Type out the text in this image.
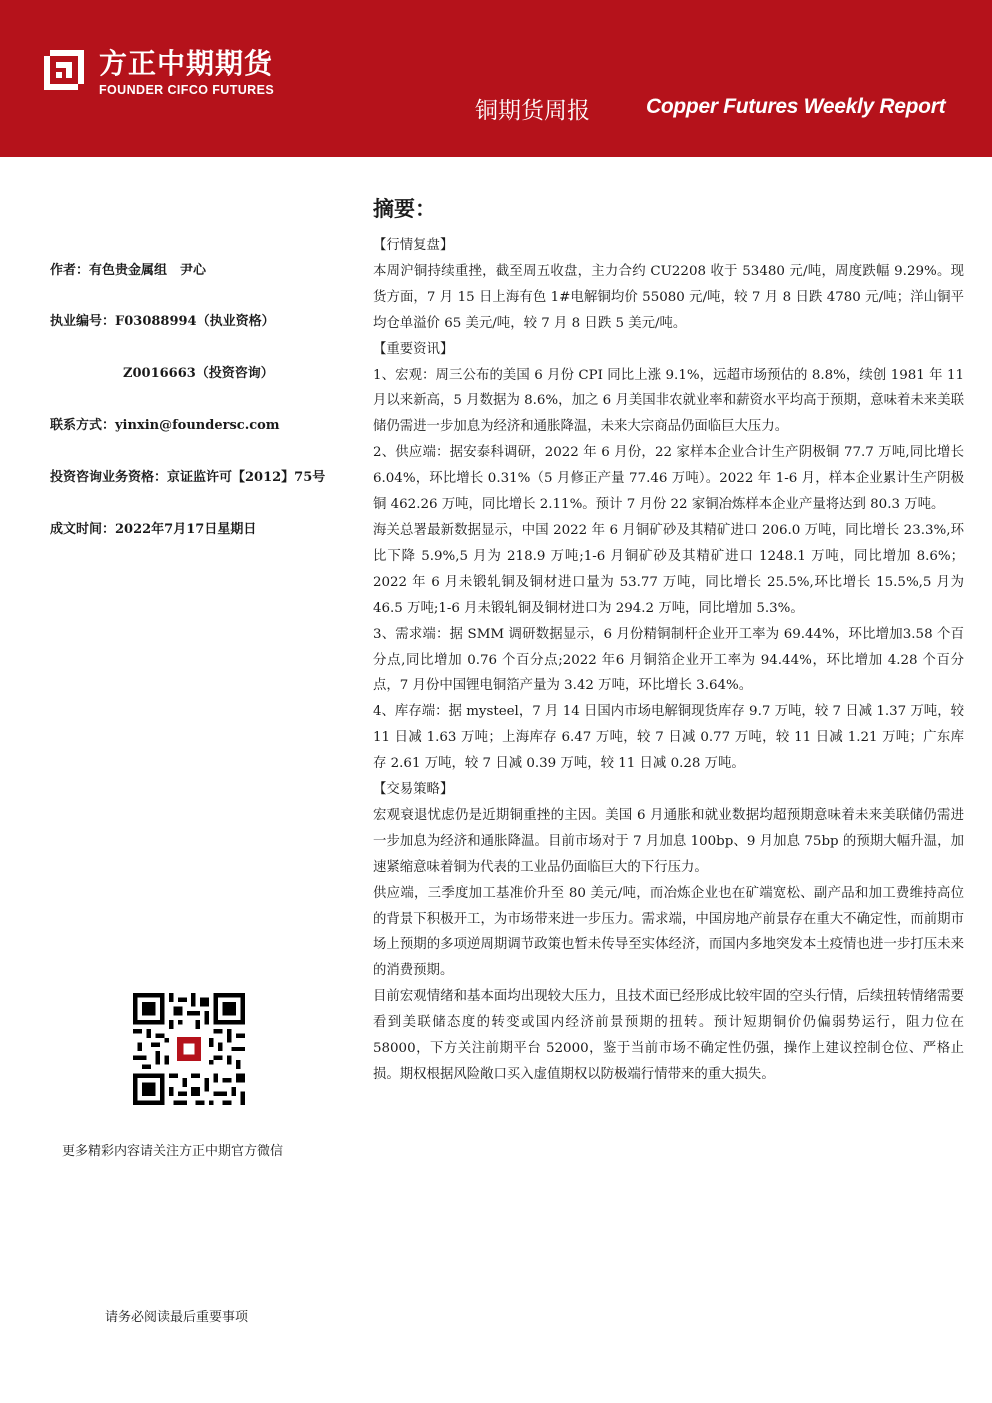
方正中期期货
FOUNDER CIFCO FUTURES
铜期货周报	Copper Futures Weekly Report
作者：有色贵金属组　尹心
执业编号：F03088994（执业资格）
Z0016663（投资咨询）
联系方式：yinxin@foundersc.com
投资咨询业务资格：京证监许可【2012】75号
成文时间：2022年7月17日星期日
更多精彩内容请关注方正中期官方微信
请务必阅读最后重要事项
摘要：

【行情复盘】

本周沪铜持续重挫，截至周五收盘，主力合约 CU2208 收于 53480 元/吨，周度跌幅 9.29%。现货方面，7 月 15 日上海有色 1#电解铜均价 55080 元/吨，较 7 月 8 日跌 4780 元/吨；洋山铜平均仓单溢价 65 美元/吨，较 7 月 8 日跌 5 美元/吨。

【重要资讯】

1、宏观：周三公布的美国 6 月份 CPI 同比上涨 9.1%，远超市场预估的 8.8%，续创 1981 年 11 月以来新高，5 月数据为 8.6%，加之 6 月美国非农就业率和薪资水平均高于预期，意味着未来美联储仍需进一步加息为经济和通胀降温，未来大宗商品仍面临巨大压力。

2、供应端：据安泰科调研，2022 年 6 月份，22 家样本企业合计生产阴极铜 77.7 万吨,同比增长 6.04%，环比增长 0.31%（5 月修正产量 77.46 万吨）。2022 年 1-6 月，样本企业累计生产阴极铜 462.26 万吨，同比增长 2.11%。预计 7 月份 22 家铜冶炼样本企业产量将达到 80.3 万吨。

海关总署最新数据显示，中国 2022 年 6 月铜矿砂及其精矿进口 206.0 万吨，同比增长 23.3%,环比下降 5.9%,5 月为 218.9 万吨;1-6 月铜矿砂及其精矿进口 1248.1 万吨，同比增加 8.6%；2022 年 6 月未锻轧铜及铜材进口量为 53.77 万吨，同比增长 25.5%,环比增长 15.5%,5 月为 46.5 万吨;1-6 月未锻轧铜及铜材进口为 294.2 万吨，同比增加 5.3%。

3、需求端：据 SMM 调研数据显示，6 月份精铜制杆企业开工率为 69.44%，环比增加3.58 个百分点,同比增加 0.76 个百分点;2022 年6 月铜箔企业开工率为 94.44%，环比增加 4.28 个百分点，7 月份中国锂电铜箔产量为 3.42 万吨，环比增长 3.64%。

4、库存端：据 mysteel，7 月 14 日国内市场电解铜现货库存 9.7 万吨，较 7 日减 1.37 万吨，较 11 日减 1.63 万吨；上海库存 6.47 万吨，较 7 日减 0.77 万吨，较 11 日减 1.21 万吨；广东库存 2.61 万吨，较 7 日减 0.39 万吨，较 11 日减 0.28 万吨。

【交易策略】

宏观衰退忧虑仍是近期铜重挫的主因。美国 6 月通胀和就业数据均超预期意味着未来美联储仍需进一步加息为经济和通胀降温。目前市场对于 7 月加息 100bp、9 月加息 75bp 的预期大幅升温，加速紧缩意味着铜为代表的工业品仍面临巨大的下行压力。

供应端，三季度加工基准价升至 80 美元/吨，而冶炼企业也在矿端宽松、副产品和加工费维持高位的背景下积极开工，为市场带来进一步压力。需求端，中国房地产前景存在重大不确定性，而前期市场上预期的多项逆周期调节政策也暂未传导至实体经济，而国内多地突发本土疫情也进一步打压未来的消费预期。

目前宏观情绪和基本面均出现较大压力，且技术面已经形成比较牢固的空头行情，后续扭转情绪需要看到美联储态度的转变或国内经济前景预期的扭转。预计短期铜价仍偏弱势运行，阻力位在 58000，下方关注前期平台 52000，鉴于当前市场不确定性仍强，操作上建议控制仓位、严格止损。期权根据风险敞口买入虚值期权以防极端行情带来的重大损失。
